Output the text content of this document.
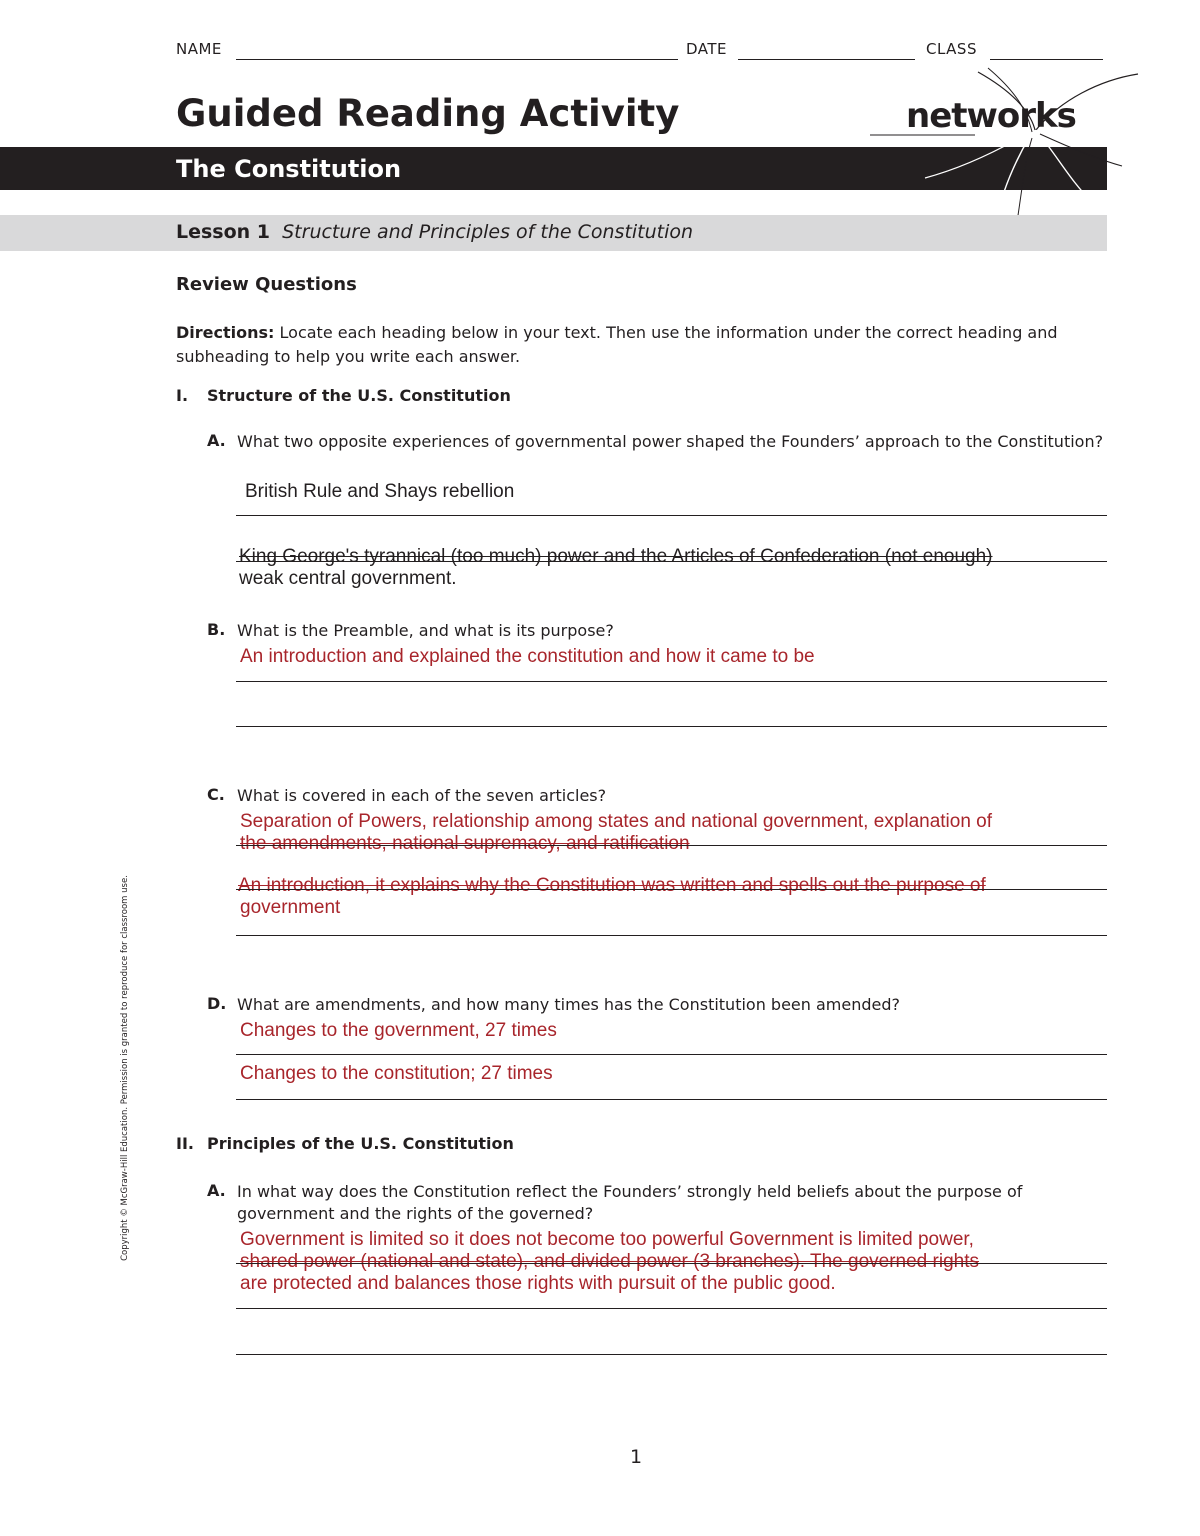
NAME	DATE	CLASS
Guided Reading Activity
The Constitution
networks
Lesson 1 Structure and Principles of the Constitution
Review Questions
Directions: Locate each heading below in your text. Then use the information under the correct heading and subheading to help you write each answer.
I. Structure of the U.S. Constitution
A. What two opposite experiences of governmental power shaped the Founders’ approach to the Constitution?
British Rule and Shays rebellion
King George's tyrannical (too much) power and the Articles of Confederation (not enough)
weak central government.
B. What is the Preamble, and what is its purpose?
An introduction and explained the constitution and how it came to be
C. What is covered in each of the seven articles?
Separation of Powers, relationship among states and national government, explanation of
the amendments, national supremacy, and ratification
An introduction, it explains why the Constitution was written and spells out the purpose of
government
D. What are amendments, and how many times has the Constitution been amended?
Changes to the government, 27 times
Changes to the constitution; 27 times
II. Principles of the U.S. Constitution
A. In what way does the Constitution reflect the Founders’ strongly held beliefs about the purpose of government and the rights of the governed?
Government is limited so it does not become too powerful Government is limited power,
shared power (national and state), and divided power (3 branches). The governed rights
are protected and balances those rights with pursuit of the public good.
Copyright © McGraw-Hill Education. Permission is granted to reproduce for classroom use.
1
